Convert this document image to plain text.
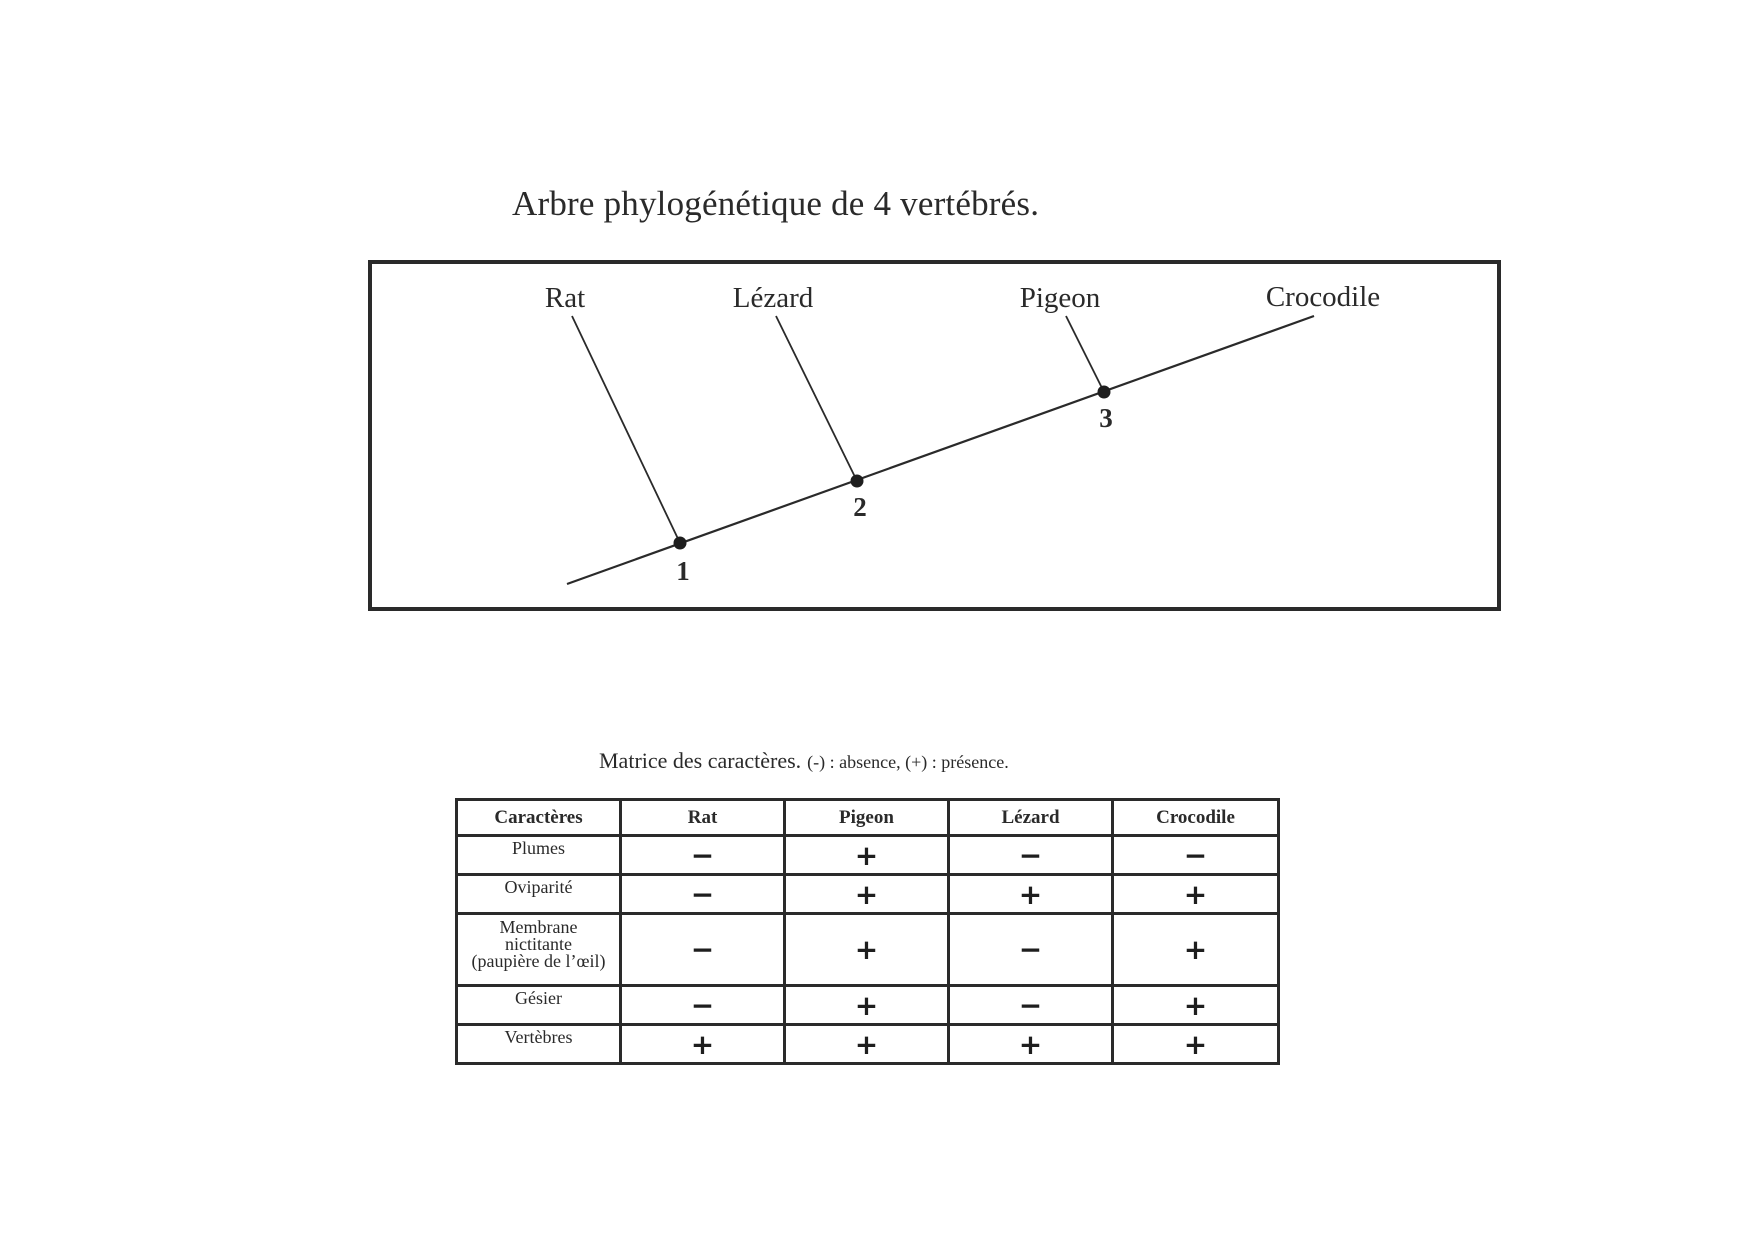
Arbre phylogénétique de 4 vertébrés.
Rat	Lézard	Pigeon	Crocodile
1
2
3
Matrice des caractères. (-) : absence, (+) : présence.
Caractères	Rat	Pigeon	Lézard	Crocodile
Plumes	−	+	−	−
Oviparité	−	+	+	+

Membrane
nictitante
(paupière de l’œil)	−	+	−	+
Gésier	−	+	−	+
Vertèbres	+	+	+	+
